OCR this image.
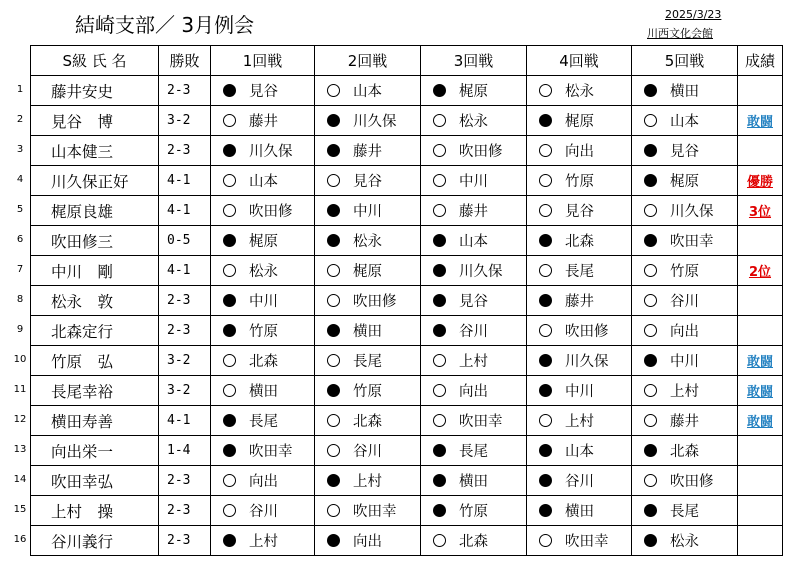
結崎支部／ 3月例会	2025/3/23
川西文化会館
1
2
3
4
5
6
7
8
9
10
11
12
13
14
15
16
S級 氏 名	勝敗	1回戦	2回戦	3回戦	4回戦	5回戦	成績
藤井安史	2-3	見谷	山本	梶原	松永	横田	
見谷　博	3-2	藤井	川久保	松永	梶原	山本	敢闘
山本健三	2-3	川久保	藤井	吹田修	向出	見谷	
川久保正好	4-1	山本	見谷	中川	竹原	梶原	優勝
梶原良雄	4-1	吹田修	中川	藤井	見谷	川久保	3位
吹田修三	0-5	梶原	松永	山本	北森	吹田幸	
中川　剛	4-1	松永	梶原	川久保	長尾	竹原	2位
松永　敦	2-3	中川	吹田修	見谷	藤井	谷川	
北森定行	2-3	竹原	横田	谷川	吹田修	向出	
竹原　弘	3-2	北森	長尾	上村	川久保	中川	敢闘
長尾幸裕	3-2	横田	竹原	向出	中川	上村	敢闘
横田寿善	4-1	長尾	北森	吹田幸	上村	藤井	敢闘
向出栄一	1-4	吹田幸	谷川	長尾	山本	北森	
吹田幸弘	2-3	向出	上村	横田	谷川	吹田修	
上村　操	2-3	谷川	吹田幸	竹原	横田	長尾	
谷川義行	2-3	上村	向出	北森	吹田幸	松永	
